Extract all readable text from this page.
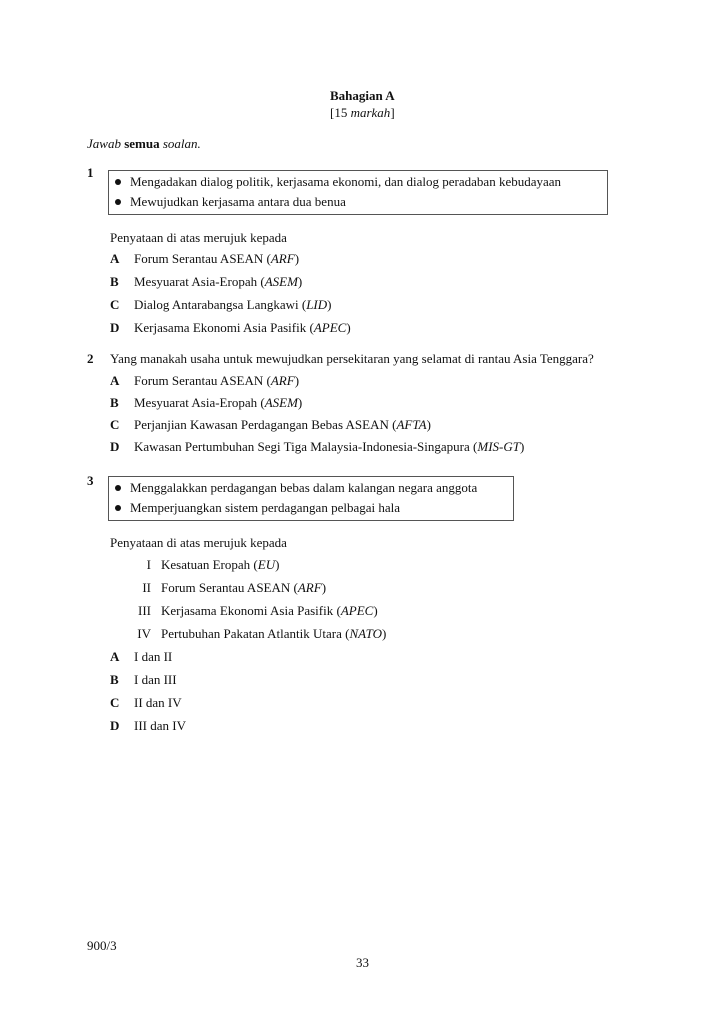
Bahagian A
[15 markah]
Jawab semua soalan.
1
Mengadakan dialog politik, kerjasama ekonomi, dan dialog peradaban kebudayaan
Mewujudkan kerjasama antara dua benua
Penyataan di atas merujuk kepada
A	Forum Serantau ASEAN (ARF)
B	Mesyuarat Asia-Eropah (ASEM)
C	Dialog Antarabangsa Langkawi (LID)
D	Kerjasama Ekonomi Asia Pasifik (APEC)
2 Yang manakah usaha untuk mewujudkan persekitaran yang selamat di rantau Asia Tenggara?
A	Forum Serantau ASEAN (ARF)
B	Mesyuarat Asia-Eropah (ASEM)
C	Perjanjian Kawasan Perdagangan Bebas ASEAN (AFTA)
D	Kawasan Pertumbuhan Segi Tiga Malaysia-Indonesia-Singapura (MIS-GT)
3	Menggalakkan perdagangan bebas dalam kalangan negara anggota
Memperjuangkan sistem perdagangan pelbagai hala
Penyataan di atas merujuk kepada
I Kesatuan Eropah (EU)
II Forum Serantau ASEAN (ARF)
III Kerjasama Ekonomi Asia Pasifik (APEC)
IV Pertubuhan Pakatan Atlantik Utara (NATO)
A	I dan II
B	I dan III
C	II dan IV
D	III dan IV
900/3
33
